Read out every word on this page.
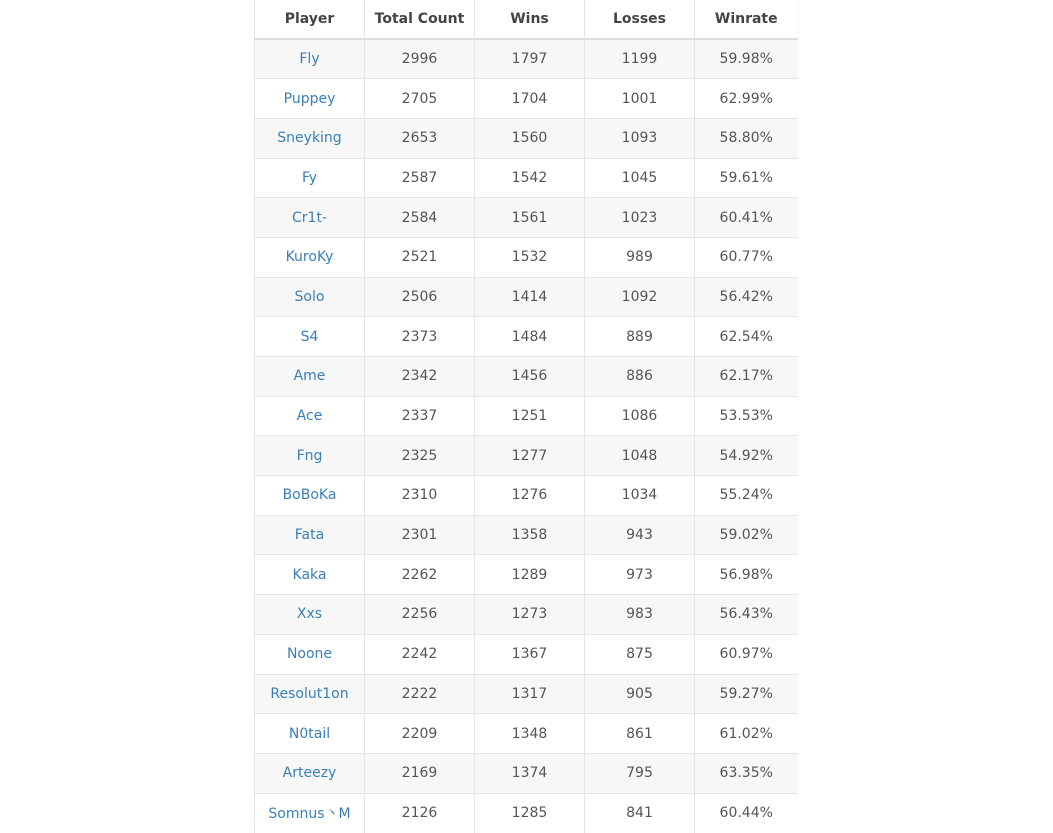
Player	Total Count	Wins	Losses	Winrate
Fly	2996	1797	1199	59.98%
Puppey	2705	1704	1001	62.99%
Sneyking	2653	1560	1093	58.80%
Fy	2587	1542	1045	59.61%
Cr1t-	2584	1561	1023	60.41%
KuroKy	2521	1532	989	60.77%
Solo	2506	1414	1092	56.42%
S4	2373	1484	889	62.54%
Ame	2342	1456	886	62.17%
Ace	2337	1251	1086	53.53%
Fng	2325	1277	1048	54.92%
BoBoKa	2310	1276	1034	55.24%
Fata	2301	1358	943	59.02%
Kaka	2262	1289	973	56.98%
Xxs	2256	1273	983	56.43%
Noone	2242	1367	875	60.97%
Resolut1on	2222	1317	905	59.27%
N0tail	2209	1348	861	61.02%
Arteezy	2169	1374	795	63.35%
Somnus丶M	2126	1285	841	60.44%
